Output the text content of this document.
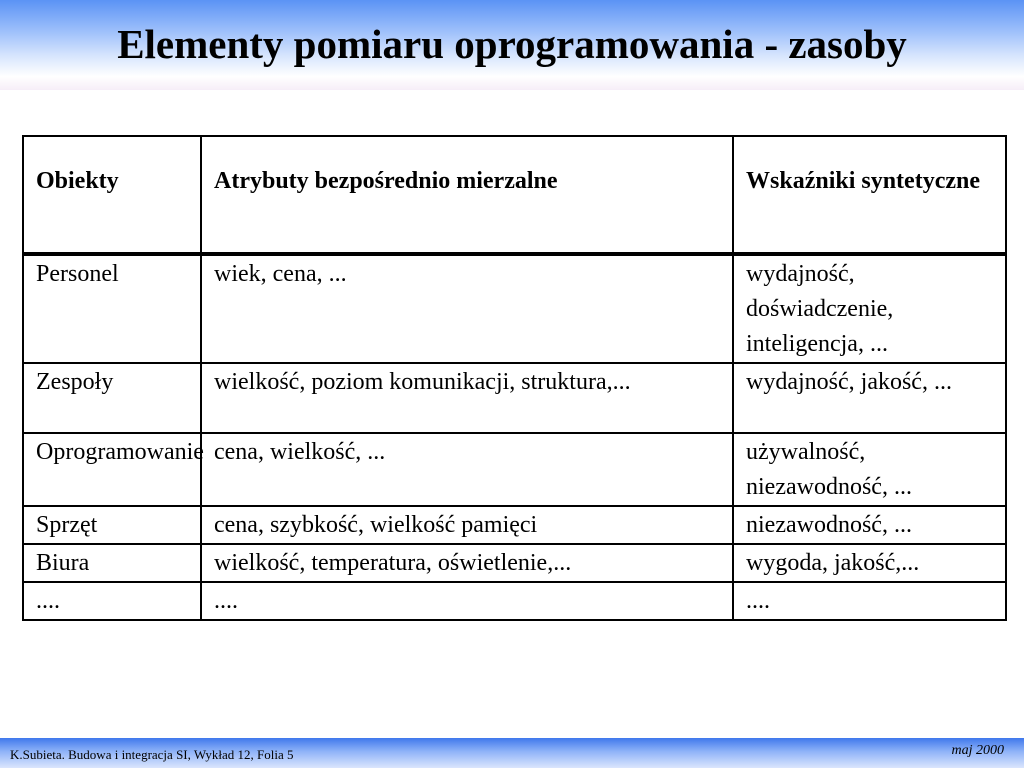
Elementy pomiaru oprogramowania - zasoby
Obiekty	Atrybuty bezpośrednio mierzalne	Wskaźniki syntetyczne
Personel	wiek, cena, ...	wydajność, doświadczenie, inteligencja, ...
Zespoły	wielkość, poziom komunikacji, struktura,...	wydajność, jakość, ...
Oprogramowanie	cena, wielkość, ...	używalność, niezawodność, ...
Sprzęt	cena, szybkość, wielkość pamięci	niezawodność, ...
Biura	wielkość, temperatura, oświetlenie,...	wygoda, jakość,...
....	....	....
K.Subieta. Budowa i integracja SI, Wykład 12, Folia 5	maj 2000
